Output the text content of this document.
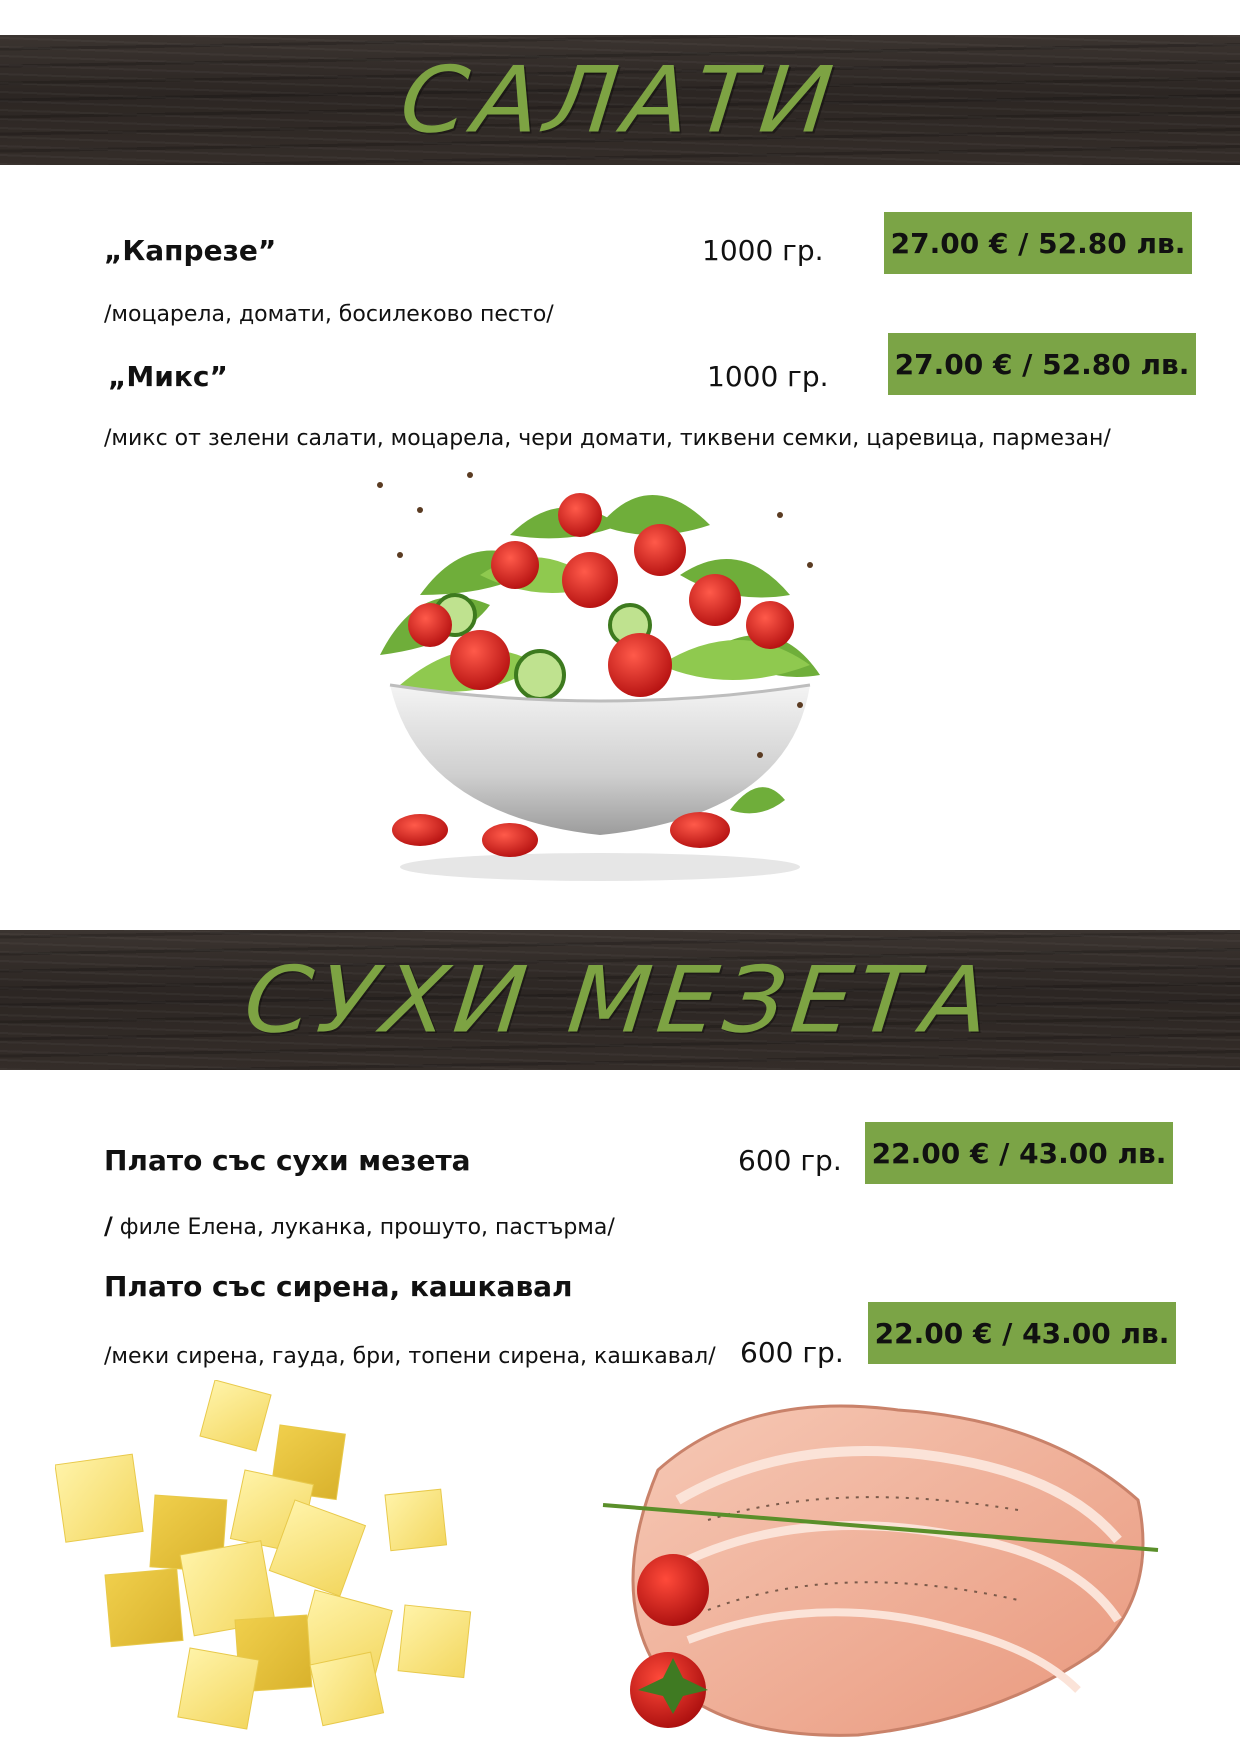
САЛАТИ
„Капрезе”	1000 гр. 27.00 € / 52.80 лв.
/моцарела, домати, босилеково песто/
„Микс”	1000 гр. 27.00 € / 52.80 лв.
/микс от зелени салати, моцарела, чери домати, тиквени семки, царевица, пармезан/
СУХИ МЕЗЕТА
Плато със сухи мезета	600 гр. 22.00 € / 43.00 лв.
/ филе Елена, луканка, прошуто, пастърма/
Плато със сирена, кашкавал
600 гр.
22.00 € / 43.00 лв.
/меки сирена, гауда, бри, топени сирена, кашкавал/
